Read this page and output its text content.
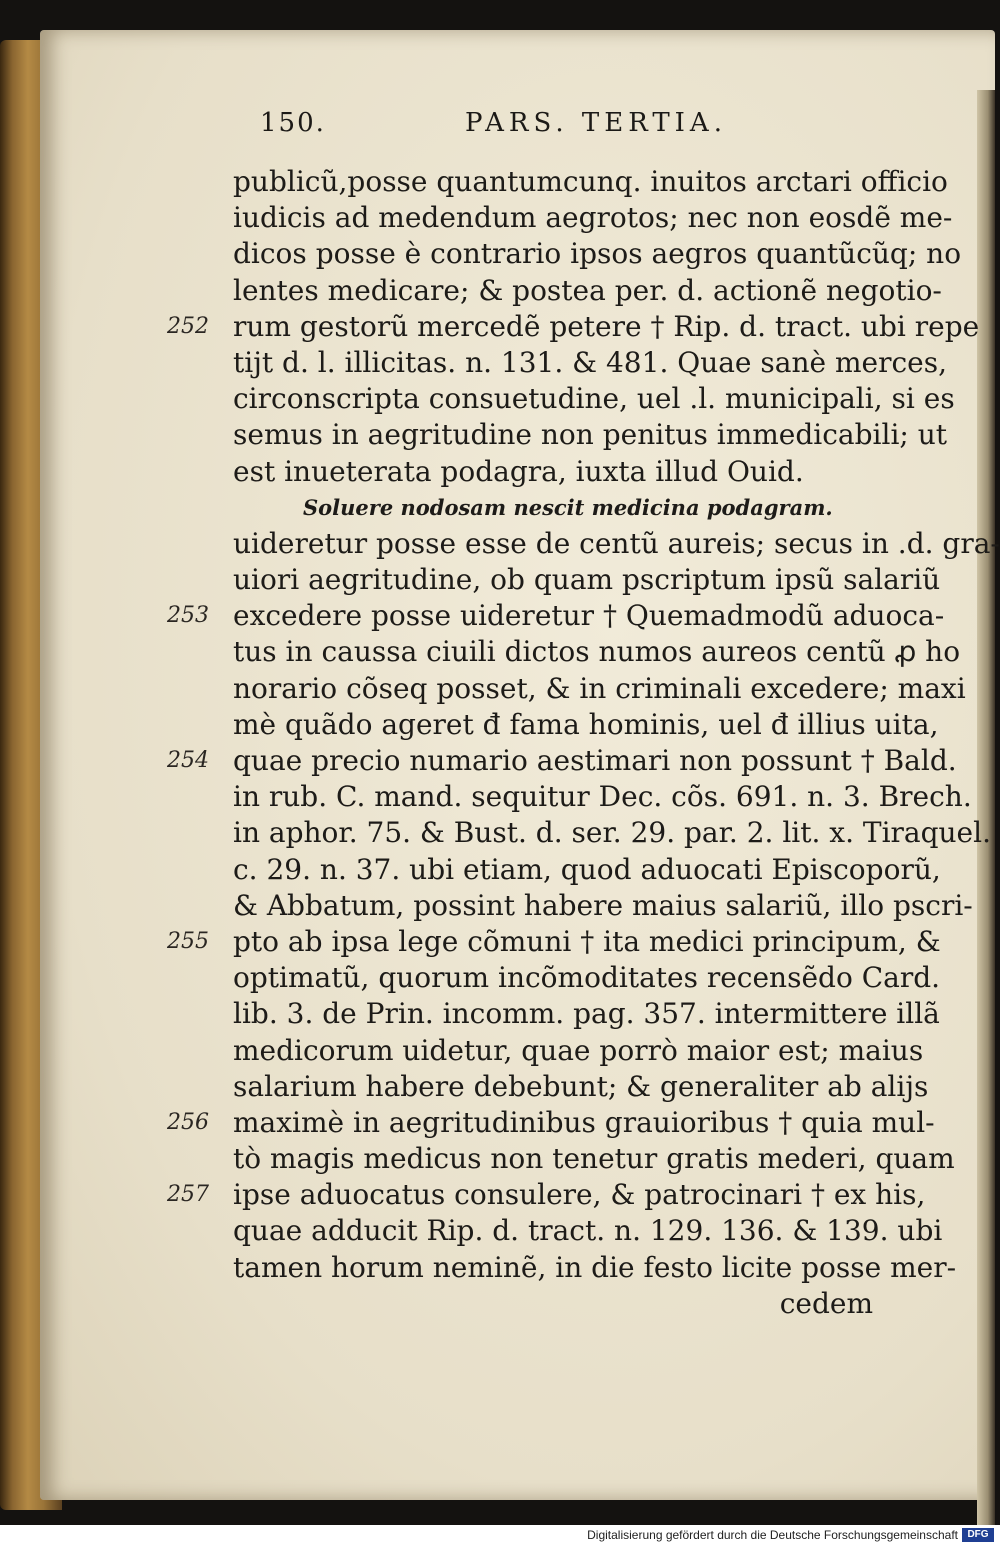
150.	PARS. TERTIA.
publicũ,posse quantumcunq. inuitos arctari officio
iudicis ad medendum aegrotos; nec non eosdẽ me-
dicos posse è contrario ipsos aegros quantũcũq; no
lentes medicare; & postea per. d. actionẽ negotio-
252 rum gestorũ mercedẽ petere † Rip. d. tract. ubi repe
tijt d. l. illicitas. n. 131. & 481. Quae sanè merces,
circonscripta consuetudine, uel .l. municipali, si es
semus in aegritudine non penitus immedicabili; ut
est inueterata podagra, iuxta illud Ouid.
Soluere nodosam nescit medicina podagram.
uideretur posse esse de centũ aureis; secus in .d. gra-
uiori aegritudine, ob quam pscriptum ipsũ salariũ
253 excedere posse uideretur † Quemadmodũ aduoca-
tus in caussa ciuili dictos numos aureos centũ ꝓ ho
norario cõseq posset, & in criminali excedere; maxi
mè quãdo ageret đ fama hominis, uel đ illius uita,
254 quae precio numario aestimari non possunt † Bald.
in rub. C. mand. sequitur Dec. cõs. 691. n. 3. Brech.
in aphor. 75. & Bust. d. ser. 29. par. 2. lit. x. Tiraquel.
c. 29. n. 37. ubi etiam, quod aduocati Episcoporũ,
& Abbatum, possint habere maius salariũ, illo pscri-
255 pto ab ipsa lege cõmuni † ita medici principum, &
optimatũ, quorum incõmoditates recensẽdo Card.
lib. 3. de Prin. incomm. pag. 357. intermittere illã
medicorum uidetur, quae porrò maior est; maius
salarium habere debebunt; & generaliter ab alijs
256 maximè in aegritudinibus grauioribus † quia mul-
tò magis medicus non tenetur gratis mederi, quam
257 ipse aduocatus consulere, & patrocinari † ex his,
quae adducit Rip. d. tract. n. 129. 136. & 139. ubi
tamen horum neminẽ, in die festo licite posse mer-
cedem
Digitalisierung gefördert durch die Deutsche Forschungsgemeinschaft DFG
